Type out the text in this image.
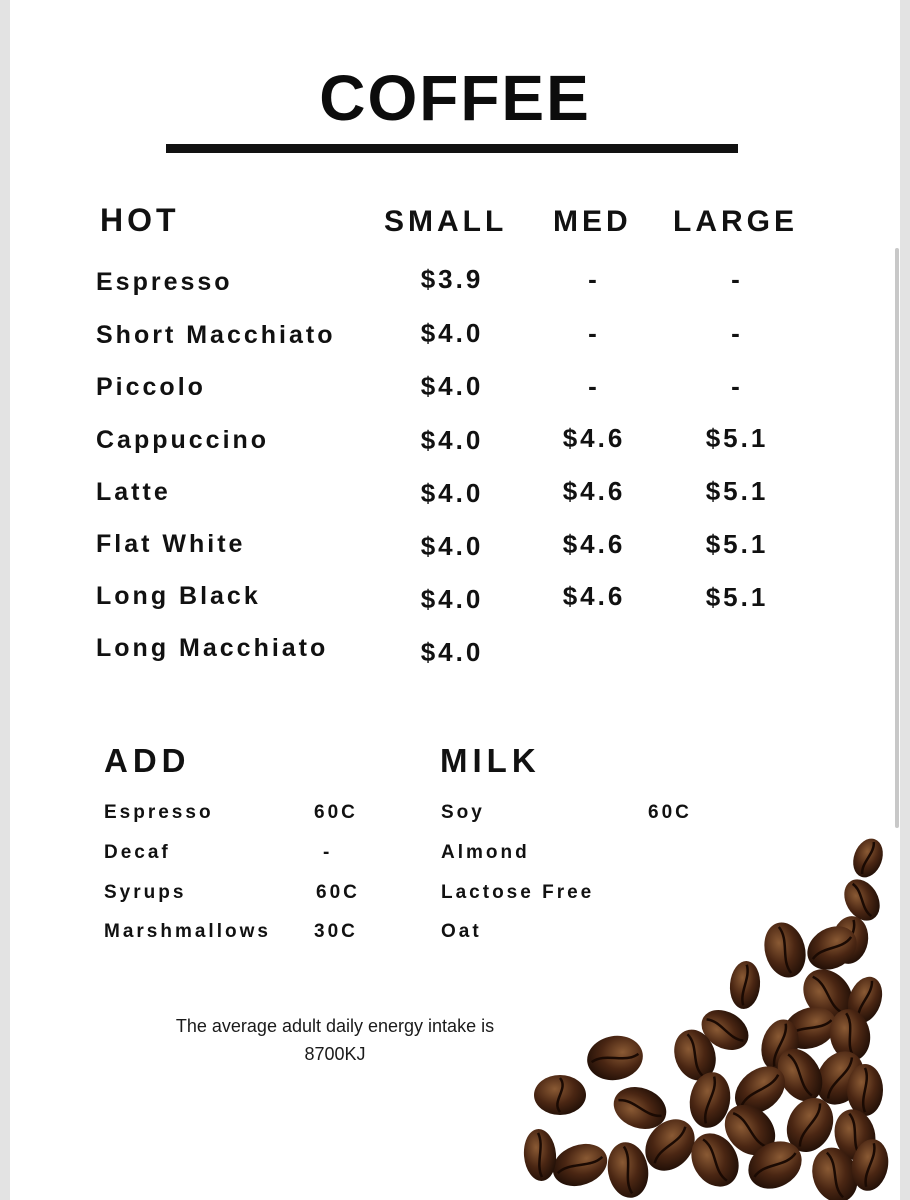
COFFEE
HOT	SMALL MED LARGE
Espresso	$3.9	-	-
Short Macchiato	$4.0	-	-
Piccolo	$4.0	-	-
Cappuccino	$4.0	$4.6	$5.1
Latte	$4.0	$4.6	$5.1
Flat White	$4.0	$4.6	$5.1
Long Black	$4.0	$4.6	$5.1
Long Macchiato	$4.0
ADD
Espresso	60C
Decaf	-
Syrups	60C
Marshmallows 30C
MILK
Soy	60C
Almond
Lactose Free
Oat
The average adult daily energy intake is
8700KJ
